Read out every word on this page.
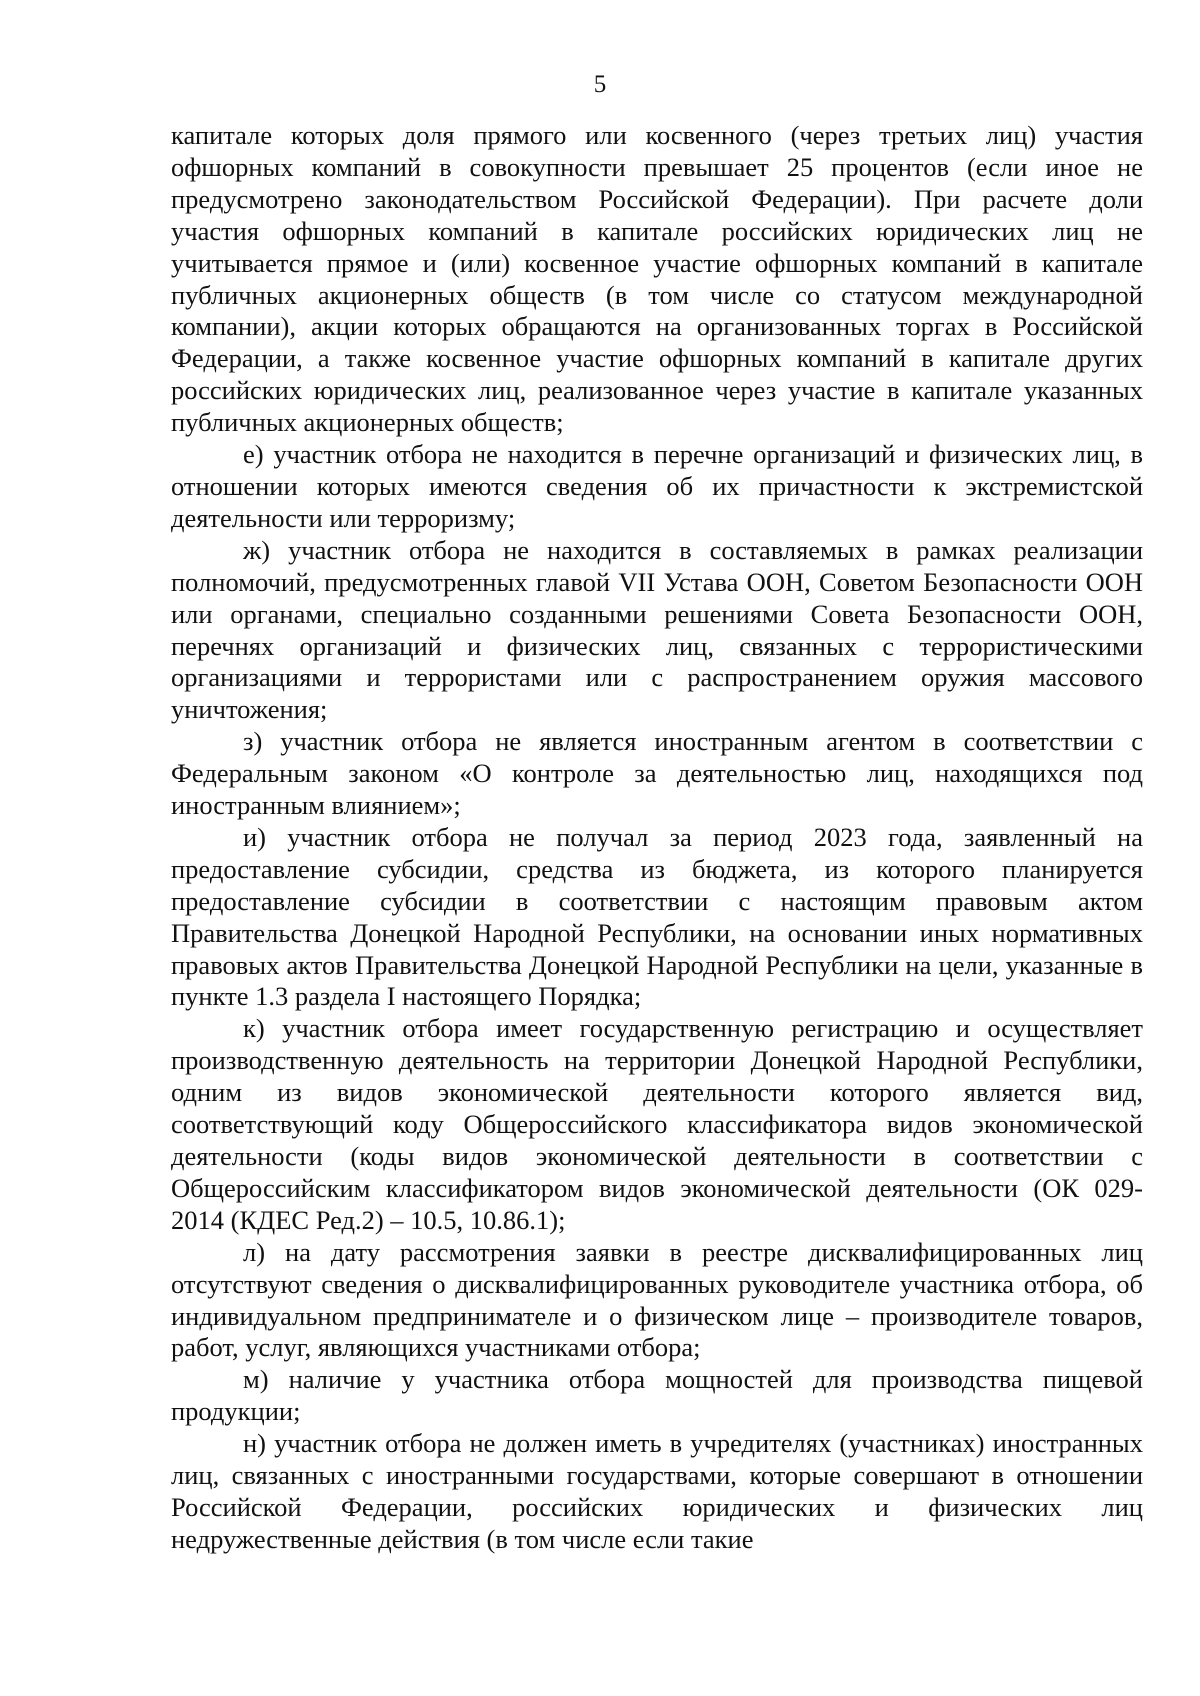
5

капитале которых доля прямого или косвенного (через третьих лиц) участия офшорных компаний в совокупности превышает 25 процентов (если иное не предусмотрено законодательством Российской Федерации). При расчете доли участия офшорных компаний в капитале российских юридических лиц не учитывается прямое и (или) косвенное участие офшорных компаний в капитале публичных акционерных обществ (в том числе со статусом международной компании), акции которых обращаются на организованных торгах в Российской Федерации, а также косвенное участие офшорных компаний в капитале других российских юридических лиц, реализованное через участие в капитале указанных публичных акционерных обществ;

е) участник отбора не находится в перечне организаций и физических лиц, в отношении которых имеются сведения об их причастности к экстремистской деятельности или терроризму;

ж) участник отбора не находится в составляемых в рамках реализации полномочий, предусмотренных главой VII Устава ООН, Советом Безопасности ООН или органами, специально созданными решениями Совета Безопасности ООН, перечнях организаций и физических лиц, связанных с террористическими организациями и террористами или с распространением оружия массового уничтожения;

з) участник отбора не является иностранным агентом в соответствии с Федеральным законом «О контроле за деятельностью лиц, находящихся под иностранным влиянием»;

и) участник отбора не получал за период 2023 года, заявленный на предоставление субсидии, средства из бюджета, из которого планируется предоставление субсидии в соответствии с настоящим правовым актом Правительства Донецкой Народной Республики, на основании иных нормативных правовых актов Правительства Донецкой Народной Республики на цели, указанные в пункте 1.3 раздела I настоящего Порядка;

к) участник отбора имеет государственную регистрацию и осуществляет производственную деятельность на территории Донецкой Народной Республики, одним из видов экономической деятельности которого является вид, соответствующий коду Общероссийского классификатора видов экономической деятельности (коды видов экономической деятельности в соответствии с Общероссийским классификатором видов экономической деятельности (ОК 029-2014 (КДЕС Ред.2) – 10.5, 10.86.1);

л) на дату рассмотрения заявки в реестре дисквалифицированных лиц отсутствуют сведения о дисквалифицированных руководителе участника отбора, об индивидуальном предпринимателе и о физическом лице – производителе товаров, работ, услуг, являющихся участниками отбора;

м) наличие у участника отбора мощностей для производства пищевой продукции;

н) участник отбора не должен иметь в учредителях (участниках) иностранных лиц, связанных с иностранными государствами, которые совершают в отношении Российской Федерации, российских юридических и физических лиц недружественные действия (в том числе если такие
